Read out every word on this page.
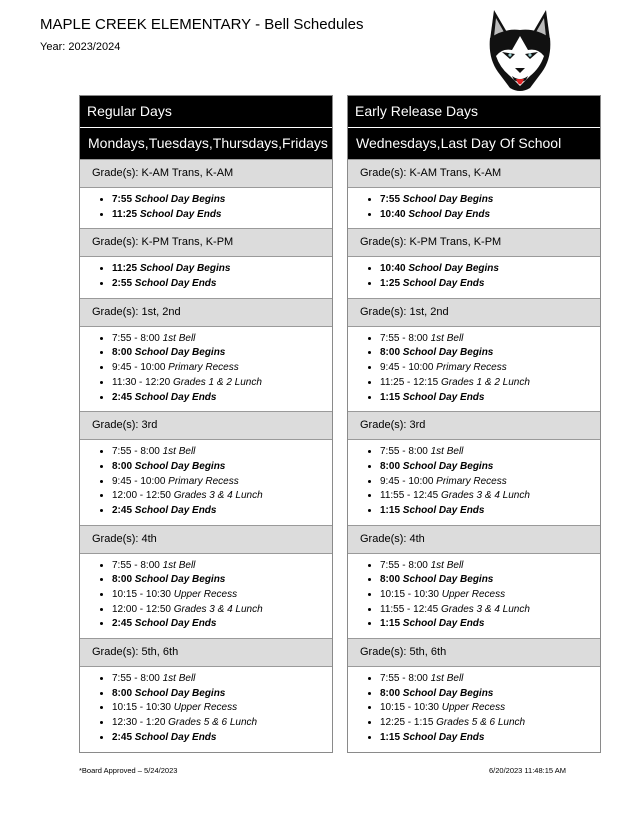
MAPLE CREEK ELEMENTARY - Bell Schedules
Year: 2023/2024
Regular Days
Mondays,Tuesdays,Thursdays,Fridays
Grade(s): K-AM Trans, K-AM
• 7:55 School Day Begins
• 11:25 School Day Ends
Grade(s): K-PM Trans, K-PM
• 11:25 School Day Begins
• 2:55 School Day Ends
Grade(s): 1st, 2nd
• 7:55 - 8:00 1st Bell
• 8:00 School Day Begins
• 9:45 - 10:00 Primary Recess
• 11:30 - 12:20 Grades 1 & 2 Lunch
• 2:45 School Day Ends
Grade(s): 3rd
• 7:55 - 8:00 1st Bell
• 8:00 School Day Begins
• 9:45 - 10:00 Primary Recess
• 12:00 - 12:50 Grades 3 & 4 Lunch
• 2:45 School Day Ends
Grade(s): 4th
• 7:55 - 8:00 1st Bell
• 8:00 School Day Begins
• 10:15 - 10:30 Upper Recess
• 12:00 - 12:50 Grades 3 & 4 Lunch
• 2:45 School Day Ends
Grade(s): 5th, 6th
• 7:55 - 8:00 1st Bell
• 8:00 School Day Begins
• 10:15 - 10:30 Upper Recess
• 12:30 - 1:20 Grades 5 & 6 Lunch
• 2:45 School Day Ends
Early Release Days
Wednesdays,Last Day Of School
Grade(s): K-AM Trans, K-AM
• 7:55 School Day Begins
• 10:40 School Day Ends
Grade(s): K-PM Trans, K-PM
• 10:40 School Day Begins
• 1:25 School Day Ends
Grade(s): 1st, 2nd
• 7:55 - 8:00 1st Bell
• 8:00 School Day Begins
• 9:45 - 10:00 Primary Recess
• 11:25 - 12:15 Grades 1 & 2 Lunch
• 1:15 School Day Ends
Grade(s): 3rd
• 7:55 - 8:00 1st Bell
• 8:00 School Day Begins
• 9:45 - 10:00 Primary Recess
• 11:55 - 12:45 Grades 3 & 4 Lunch
• 1:15 School Day Ends
Grade(s): 4th
• 7:55 - 8:00 1st Bell
• 8:00 School Day Begins
• 10:15 - 10:30 Upper Recess
• 11:55 - 12:45 Grades 3 & 4 Lunch
• 1:15 School Day Ends
Grade(s): 5th, 6th
• 7:55 - 8:00 1st Bell
• 8:00 School Day Begins
• 10:15 - 10:30 Upper Recess
• 12:25 - 1:15 Grades 5 & 6 Lunch
• 1:15 School Day Ends
*Board Approved – 5/24/2023	6/20/2023 11:48:15 AM
